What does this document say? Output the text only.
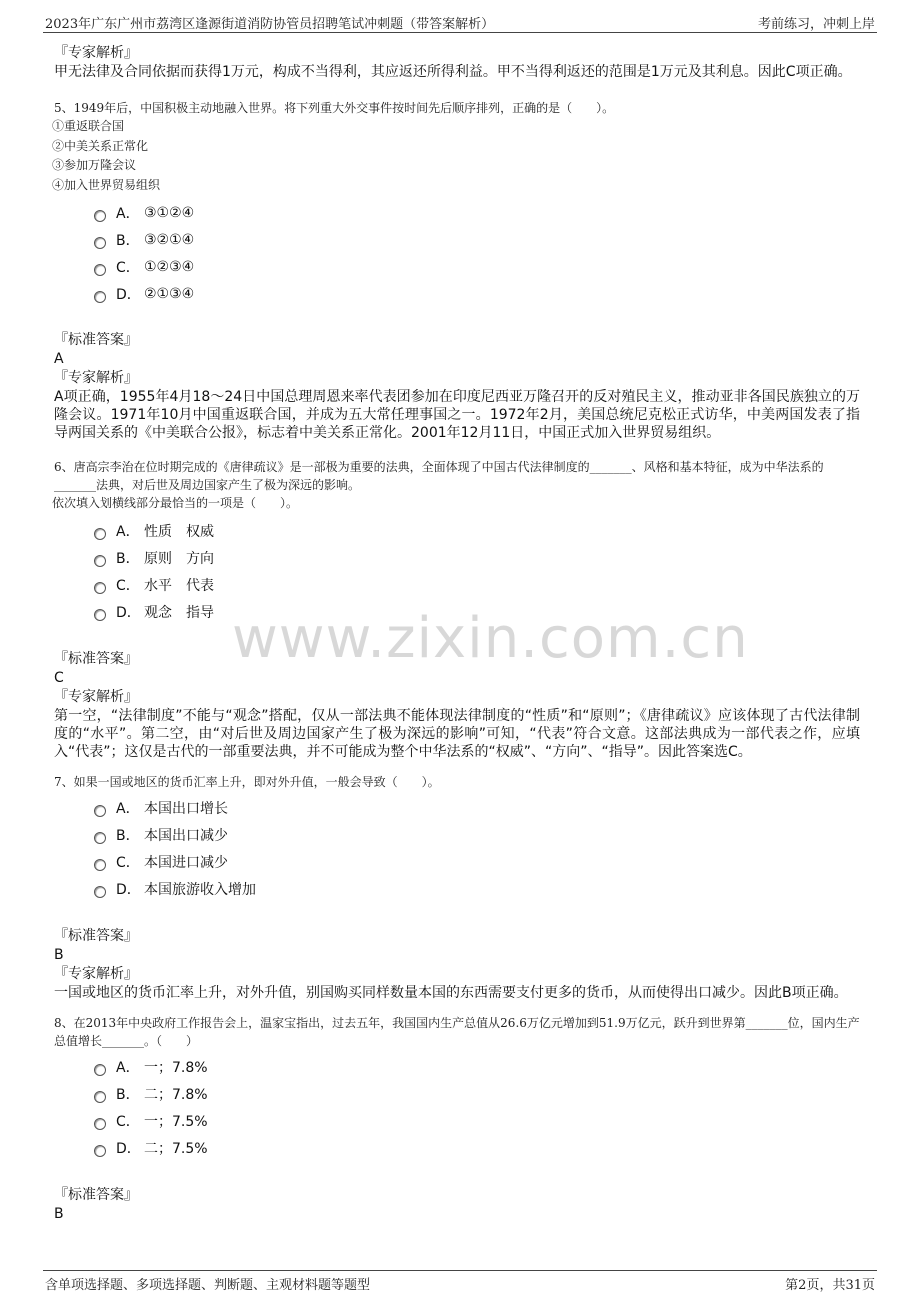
2023年广东广州市荔湾区逢源街道消防协管员招聘笔试冲刺题（带答案解析）	考前练习，冲刺上岸
www.zixin.com.cn
『专家解析』

甲无法律及合同依据而获得1万元，构成不当得利，其应返还所得利益。甲不当得利返还的范围是1万元及其利息。因此C项正确。

5、1949年后，中国积极主动地融入世界。将下列重大外交事件按时间先后顺序排列，正确的是（　　）。

①重返联合国
②中美关系正常化
③参加万隆会议
④加入世界贸易组织
A． ③①②④
B． ③②①④
C． ①②③④
D． ②①③④
『标准答案』
A
『专家解析』

A项正确，1955年4月18～24日中国总理周恩来率代表团参加在印度尼西亚万隆召开的反对殖民主义，推动亚非各国民族独立的万隆会议。1971年10月中国重返联合国，并成为五大常任理事国之一。1972年2月，美国总统尼克松正式访华，中美两国发表了指导两国关系的《中美联合公报》，标志着中美关系正常化。2001年12月11日，中国正式加入世界贸易组织。

6、唐高宗李治在位时期完成的《唐律疏议》是一部极为重要的法典，全面体现了中国古代法律制度的_______、风格和基本特征，成为中华法系的_______法典，对后世及周边国家产生了极为深远的影响。

依次填入划横线部分最恰当的一项是（　　）。
A． 性质　权威
B． 原则　方向
C． 水平　代表
D． 观念　指导
『标准答案』
C
『专家解析』

第一空，“法律制度”不能与“观念”搭配，仅从一部法典不能体现法律制度的“性质”和“原则”；《唐律疏议》应该体现了古代法律制度的“水平”。第二空，由“对后世及周边国家产生了极为深远的影响”可知，“代表”符合文意。这部法典成为一部代表之作，应填入“代表”；这仅是古代的一部重要法典，并不可能成为整个中华法系的“权威”、“方向”、“指导”。因此答案选C。

7、如果一国或地区的货币汇率上升，即对外升值，一般会导致（　　）。

A． 本国出口增长
B． 本国出口减少
C． 本国进口减少
D． 本国旅游收入增加
『标准答案』
B
『专家解析』

一国或地区的货币汇率上升，对外升值，别国购买同样数量本国的东西需要支付更多的货币，从而使得出口减少。因此B项正确。

8、在2013年中央政府工作报告会上，温家宝指出，过去五年，我国国内生产总值从26.6万亿元增加到51.9万亿元，跃升到世界第_______位，国内生产总值增长_______。（　　）

A． 一；7.8%
B． 二；7.8%
C． 一；7.5%
D． 二；7.5%
『标准答案』
B
含单项选择题、多项选择题、判断题、主观材料题等题型	第2页，共31页
